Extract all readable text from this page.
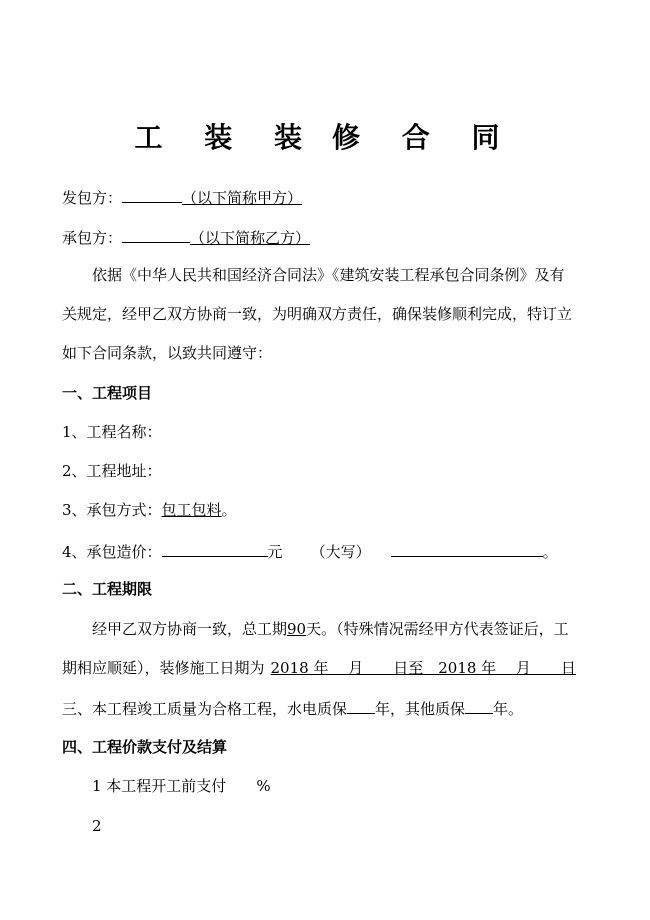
工 装 装 修 合 同
发包方：	（以下简称甲方）
承包方：	（以下简称乙方）
依据《中华人民共和国经济合同法》《建筑安装工程承包合同条例》及有
关规定，经甲乙双方协商一致，为明确双方责任，确保装修顺利完成，特订立
如下合同条款，以致共同遵守：
一、工程项目
1、工程名称：
2、工程地址：
3、承包方式：包工包料。
4、承包造价：	元 （大写）	。
二、工程期限
经甲乙双方协商一致，总工期90天。（特殊情况需经甲方代表签证后，工
期相应顺延），装修施工日期为 2018 年　 月　　日至　2018 年　 月　　日
三、本工程竣工质量为合格工程，水电质保 年，其他质保 年。
四、工程价款支付及结算
1 本工程开工前支付 %
2
